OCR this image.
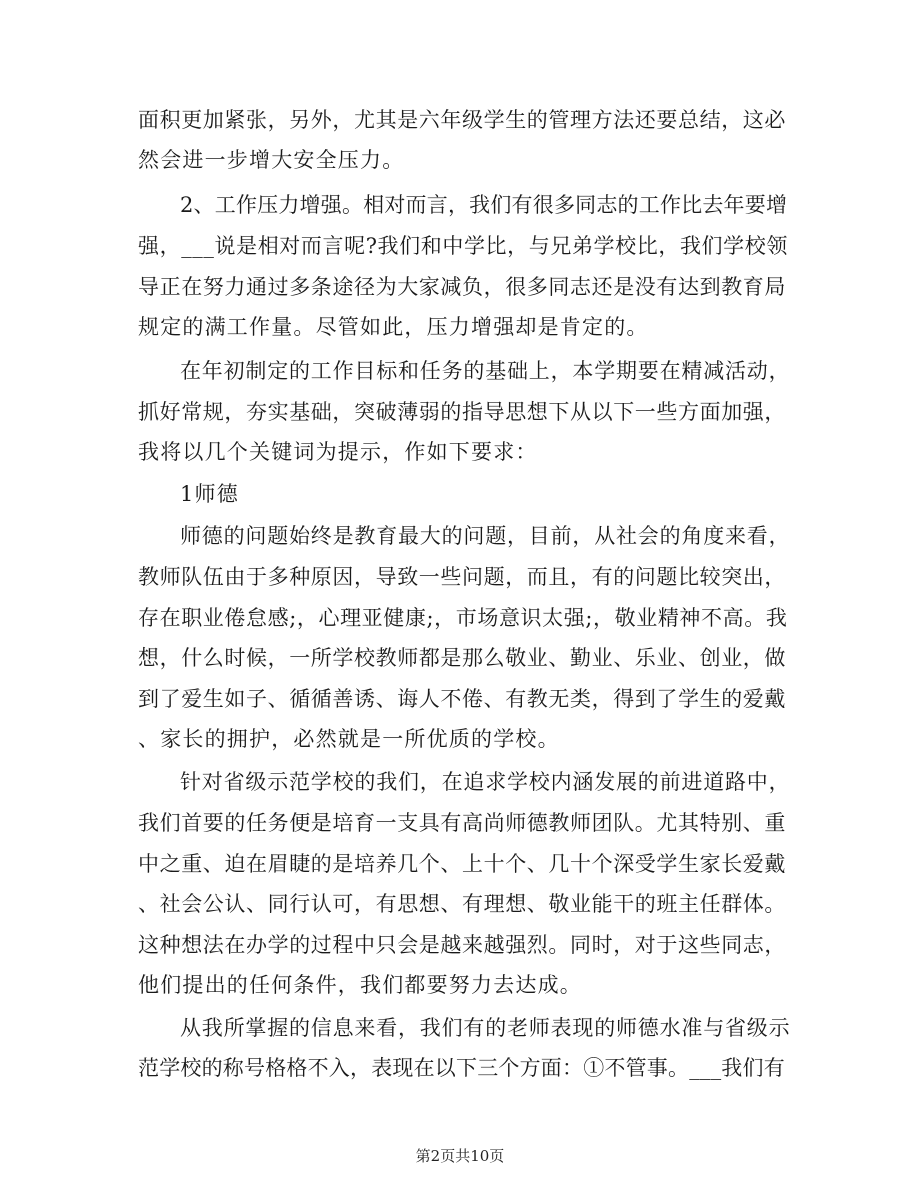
面积更加紧张，另外，尤其是六年级学生的管理方法还要总结，这必
然会进一步增大安全压力。
2、工作压力增强。相对而言，我们有很多同志的工作比去年要增
强，___说是相对而言呢?我们和中学比，与兄弟学校比，我们学校领
导正在努力通过多条途径为大家减负，很多同志还是没有达到教育局
规定的满工作量。尽管如此，压力增强却是肯定的。
在年初制定的工作目标和任务的基础上，本学期要在精减活动，
抓好常规，夯实基础，突破薄弱的指导思想下从以下一些方面加强，
我将以几个关键词为提示，作如下要求：
1师德
师德的问题始终是教育最大的问题，目前，从社会的角度来看，
教师队伍由于多种原因，导致一些问题，而且，有的问题比较突出，
存在职业倦怠感;，心理亚健康;，市场意识太强;，敬业精神不高。我
想，什么时候，一所学校教师都是那么敬业、勤业、乐业、创业，做
到了爱生如子、循循善诱、诲人不倦、有教无类，得到了学生的爱戴
、家长的拥护，必然就是一所优质的学校。
针对省级示范学校的我们，在追求学校内涵发展的前进道路中，
我们首要的任务便是培育一支具有高尚师德教师团队。尤其特别、重
中之重、迫在眉睫的是培养几个、上十个、几十个深受学生家长爱戴
、社会公认、同行认可，有思想、有理想、敬业能干的班主任群体。
这种想法在办学的过程中只会是越来越强烈。同时，对于这些同志，
他们提出的任何条件，我们都要努力去达成。
从我所掌握的信息来看，我们有的老师表现的师德水准与省级示
范学校的称号格格不入，表现在以下三个方面：①不管事。___我们有
第2页共10页
